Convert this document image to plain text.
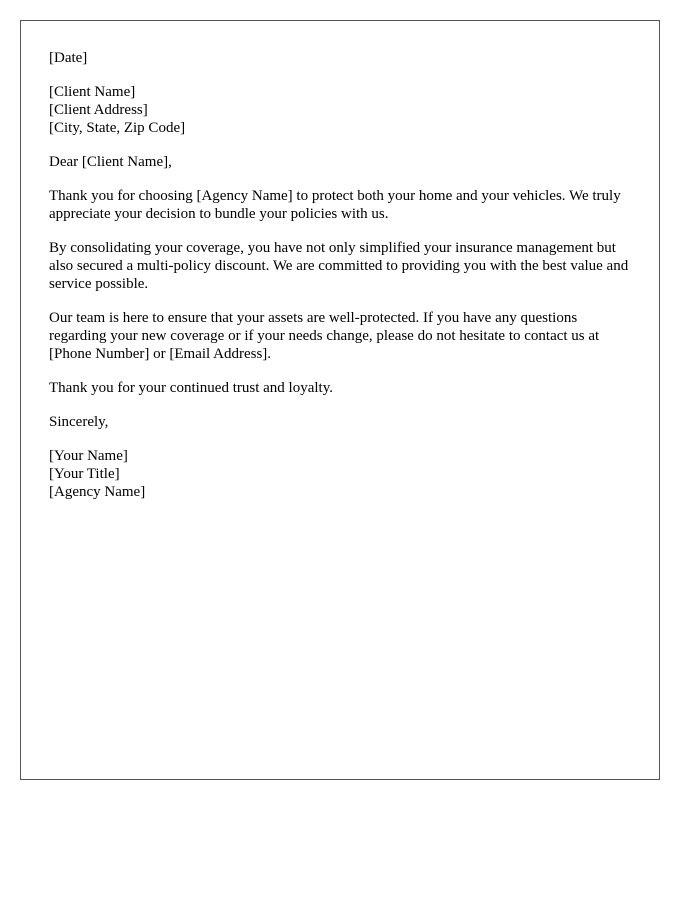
[Date]

[Client Name]

[Client Address]

[City, State, Zip Code]

Dear [Client Name],

Thank you for choosing [Agency Name] to protect both your home and your vehicles. We truly appreciate your decision to bundle your policies with us.

By consolidating your coverage, you have not only simplified your insurance management but also secured a multi-policy discount. We are committed to providing you with the best value and service possible.

Our team is here to ensure that your assets are well-protected. If you have any questions regarding your new coverage or if your needs change, please do not hesitate to contact us at [Phone Number] or [Email Address].

Thank you for your continued trust and loyalty.

Sincerely,

[Your Name]

[Your Title]

[Agency Name]
